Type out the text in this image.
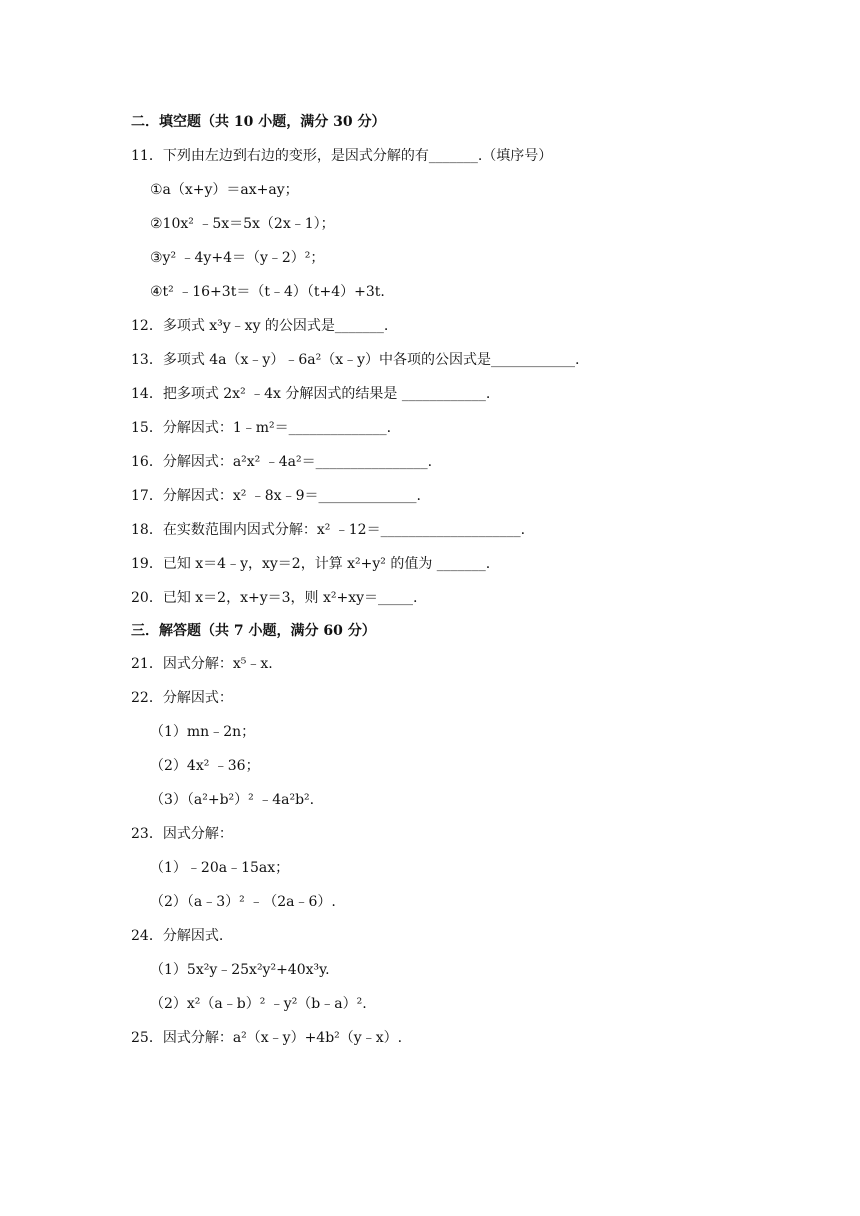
二．填空题（共 10 小题，满分 30 分）
11．下列由左边到右边的变形，是因式分解的有_______.（填序号）
①a（x+y）＝ax+ay；
②10x² ﹣5x＝5x（2x﹣1）；
③y² ﹣4y+4＝（y﹣2）²；
④t² ﹣16+3t＝（t﹣4）（t+4）+3t.
12．多项式 x³y﹣xy 的公因式是_______.
13．多项式 4a（x﹣y）﹣6a²（x﹣y）中各项的公因式是____________.
14．把多项式 2x² ﹣4x 分解因式的结果是 ____________.
15．分解因式：1﹣m²＝______________.
16．分解因式：a²x² ﹣4a²＝________________.
17．分解因式：x² ﹣8x﹣9＝______________.
18．在实数范围内因式分解：x² ﹣12＝____________________.
19．已知 x＝4﹣y，xy＝2，计算 x²+y² 的值为 _______.
20．已知 x＝2，x+y＝3，则 x²+xy＝_____.
三．解答题（共 7 小题，满分 60 分）
21．因式分解：x⁵﹣x.
22．分解因式：
（1）mn﹣2n；
（2）4x² ﹣36；
（3）（a²+b²）² ﹣4a²b².
23．因式分解：
（1）﹣20a﹣15ax；
（2）（a﹣3）² ﹣（2a﹣6）.
24．分解因式.
（1）5x²y﹣25x²y²+40x³y.
（2）x²（a﹣b）² ﹣y²（b﹣a）².
25．因式分解：a²（x﹣y）+4b²（y﹣x）.
